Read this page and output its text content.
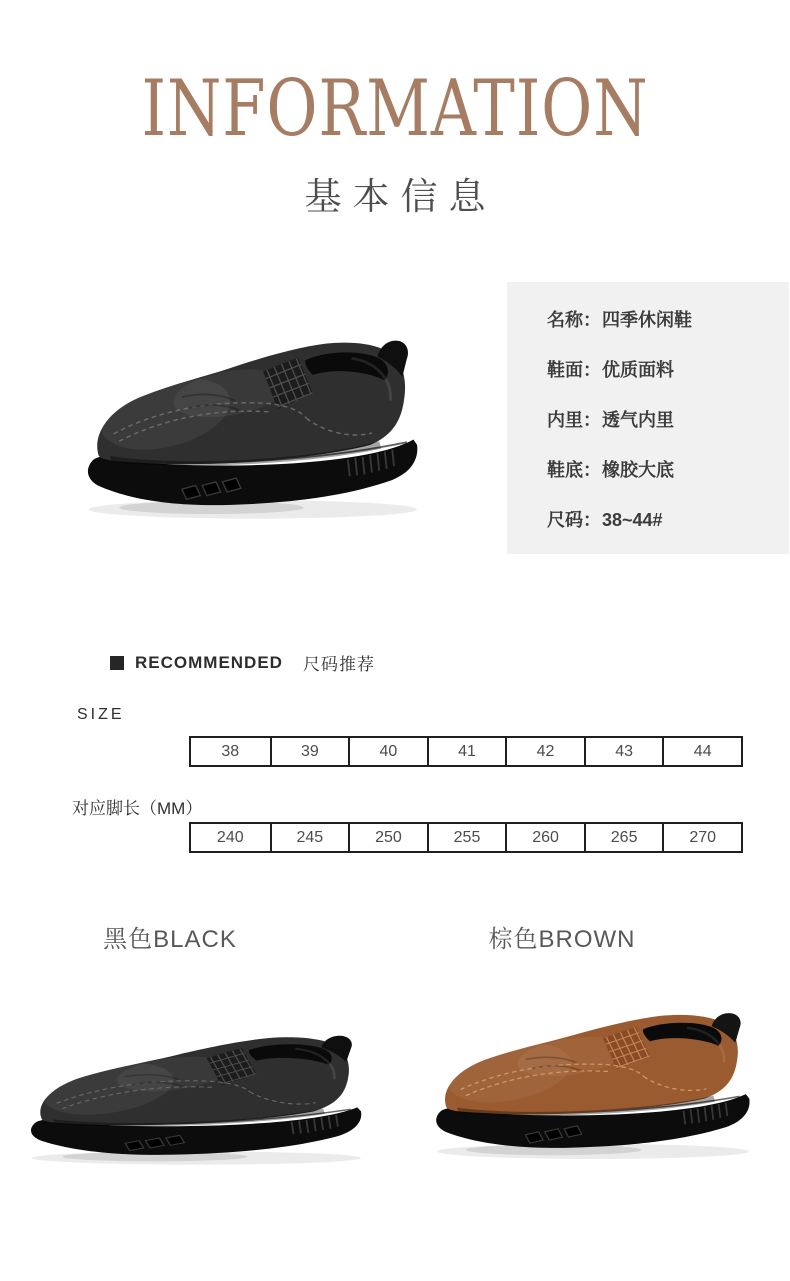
INFORMATION
基本信息
名称：四季休闲鞋
鞋面：优质面料
内里：透气内里
鞋底：橡胶大底
尺码：38~44#
RECOMMENDED 尺码推荐
SIZE
38	39	40	41	42	43	44
对应脚长（MM）
240	245	250	255	260	265	270
黑色BLACK	棕色BROWN
